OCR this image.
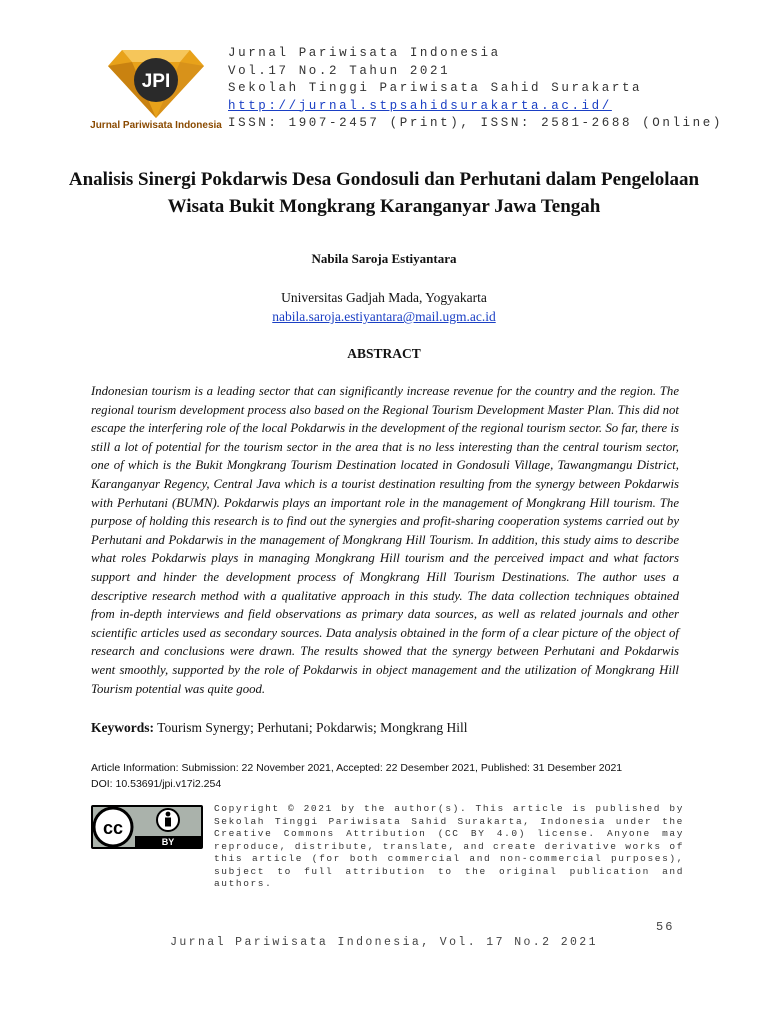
JPI
Jurnal Pariwisata Indonesia
Jurnal Pariwisata Indonesia
Vol.17 No.2 Tahun 2021
Sekolah Tinggi Pariwisata Sahid Surakarta
http://jurnal.stpsahidsurakarta.ac.id/
ISSN: 1907-2457 (Print), ISSN: 2581-2688 (Online)
Analisis Sinergi Pokdarwis Desa Gondosuli dan Perhutani dalam Pengelolaan Wisata Bukit Mongkrang Karanganyar Jawa Tengah
Nabila Saroja Estiyantara
Universitas Gadjah Mada, Yogyakarta
nabila.saroja.estiyantara@mail.ugm.ac.id
ABSTRACT
Indonesian tourism is a leading sector that can significantly increase revenue for the country and the region. The regional tourism development process also based on the Regional Tourism Development Master Plan. This did not escape the interfering role of the local Pokdarwis in the development of the regional tourism sector. So far, there is still a lot of potential for the tourism sector in the area that is no less interesting than the central tourism sector, one of which is the Bukit Mongkrang Tourism Destination located in Gondosuli Village, Tawangmangu District, Karanganyar Regency, Central Java which is a tourist destination resulting from the synergy between Pokdarwis with Perhutani (BUMN). Pokdarwis plays an important role in the management of Mongkrang Hill tourism. The purpose of holding this research is to find out the synergies and profit-sharing cooperation systems carried out by Perhutani and Pokdarwis in the management of Mongkrang Hill Tourism. In addition, this study aims to describe what roles Pokdarwis plays in managing Mongkrang Hill tourism and the perceived impact and what factors support and hinder the development process of Mongkrang Hill Tourism Destinations. The author uses a descriptive research method with a qualitative approach in this study. The data collection techniques obtained from in-depth interviews and field observations as primary data sources, as well as related journals and other scientific articles used as secondary sources. Data analysis obtained in the form of a clear picture of the object of research and conclusions were drawn. The results showed that the synergy between Perhutani and Pokdarwis went smoothly, supported by the role of Pokdarwis in object management and the utilization of Mongkrang Hill Tourism potential was quite good.
Keywords: Tourism Synergy; Perhutani; Pokdarwis; Mongkrang Hill
Article Information: Submission: 22 November 2021, Accepted: 22 Desember 2021, Published: 31 Desember 2021
DOI: 10.53691/jpi.v17i2.254
cc
BY
Copyright © 2021 by the author(s). This article is published by Sekolah Tinggi Pariwisata Sahid Surakarta, Indonesia under the Creative Commons Attribution (CC BY 4.0) license. Anyone may reproduce, distribute, translate, and create derivative works of this article (for both commercial and non-commercial purposes), subject to full attribution to the original publication and authors.
56
Jurnal Pariwisata Indonesia, Vol. 17 No.2 2021
